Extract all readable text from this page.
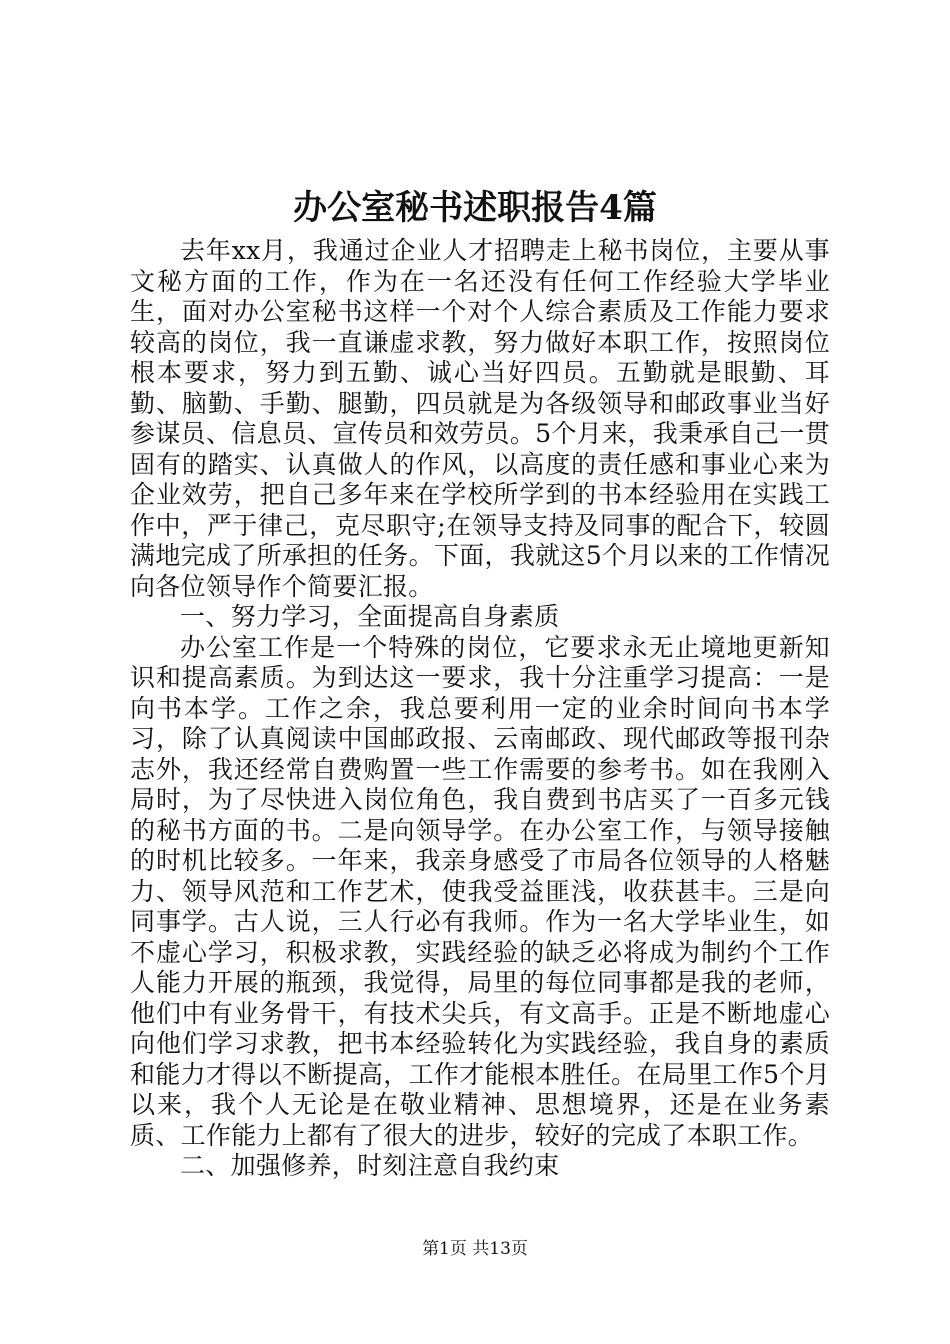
办公室秘书述职报告4篇

去年xx月，我通过企业人才招聘走上秘书岗位，主要从事文秘方面的工作，作为在一名还没有任何工作经验大学毕业生，面对办公室秘书这样一个对个人综合素质及工作能力要求较高的岗位，我一直谦虚求教，努力做好本职工作，按照岗位根本要求，努力到五勤、诚心当好四员。五勤就是眼勤、耳勤、脑勤、手勤、腿勤，四员就是为各级领导和邮政事业当好参谋员、信息员、宣传员和效劳员。5个月来，我秉承自己一贯固有的踏实、认真做人的作风，以高度的责任感和事业心来为企业效劳，把自己多年来在学校所学到的书本经验用在实践工作中，严于律己，克尽职守;在领导支持及同事的配合下，较圆满地完成了所承担的任务。下面，我就这5个月以来的工作情况向各位领导作个简要汇报。

一、努力学习，全面提高自身素质

办公室工作是一个特殊的岗位，它要求永无止境地更新知识和提高素质。为到达这一要求，我十分注重学习提高：一是向书本学。工作之余，我总要利用一定的业余时间向书本学习，除了认真阅读中国邮政报、云南邮政、现代邮政等报刊杂志外，我还经常自费购置一些工作需要的参考书。如在我刚入局时，为了尽快进入岗位角色，我自费到书店买了一百多元钱的秘书方面的书。二是向领导学。在办公室工作，与领导接触的时机比较多。一年来，我亲身感受了市局各位领导的人格魅力、领导风范和工作艺术，使我受益匪浅，收获甚丰。三是向同事学。古人说，三人行必有我师。作为一名大学毕业生，如不虚心学习，积极求教，实践经验的缺乏必将成为制约个工作人能力开展的瓶颈，我觉得，局里的每位同事都是我的老师，他们中有业务骨干，有技术尖兵，有文高手。正是不断地虚心向他们学习求教，把书本经验转化为实践经验，我自身的素质和能力才得以不断提高，工作才能根本胜任。在局里工作5个月以来，我个人无论是在敬业精神、思想境界，还是在业务素质、工作能力上都有了很大的进步，较好的完成了本职工作。

二、加强修养，时刻注意自我约束

第1页 共13页
